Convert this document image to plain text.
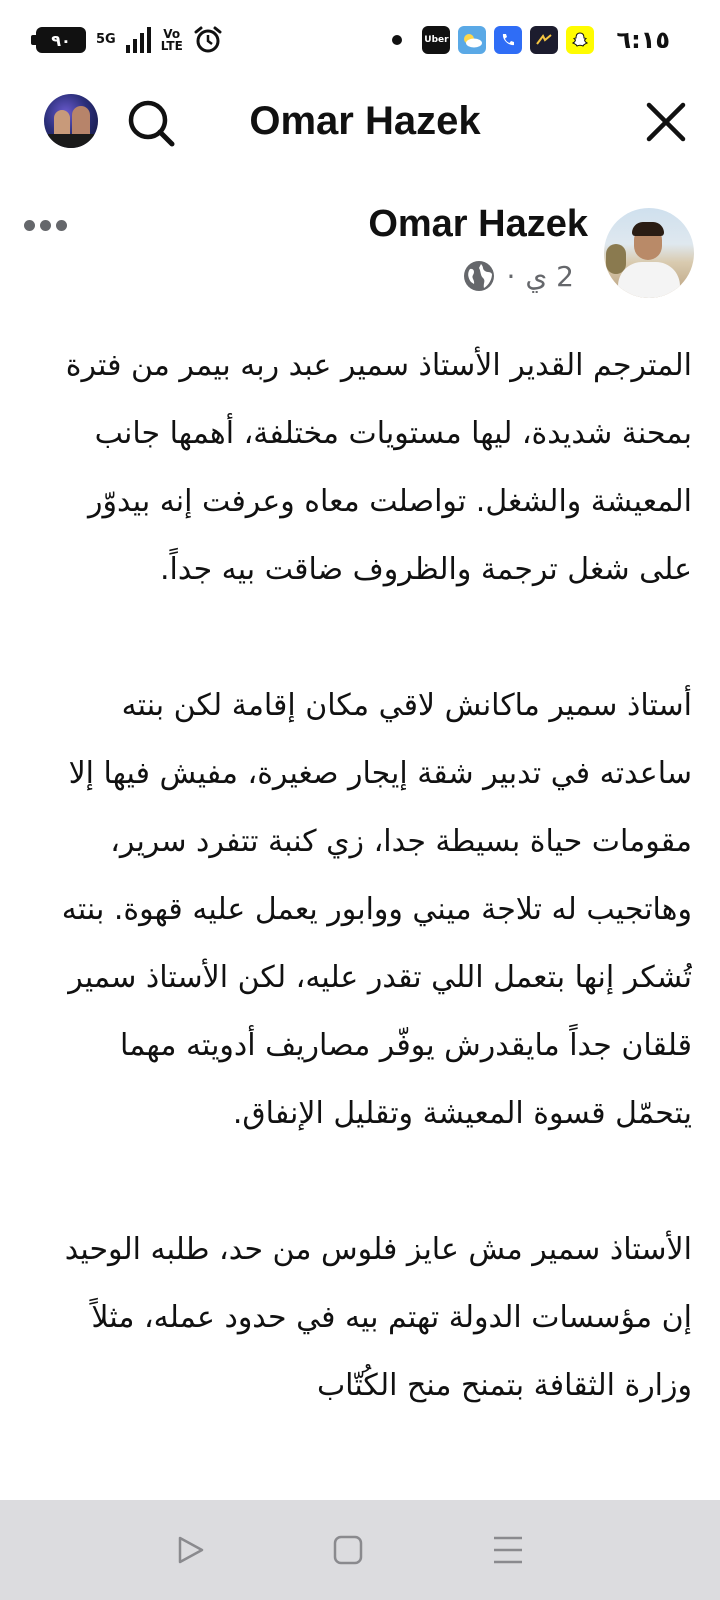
٩٠ 5G	Vo
LTE	Uber	٦:١٥
Omar Hazek
Omar Hazek
· 2 ي

المترجم القدير الأستاذ سمير عبد ربه بيمر من فترة بمحنة شديدة، ليها مستويات مختلفة، أهمها جانب المعيشة والشغل. تواصلت معاه وعرفت إنه بيدوّر على شغل ترجمة والظروف ضاقت بيه جداً.

أستاذ سمير ماكانش لاقي مكان إقامة لكن بنته ساعدته في تدبير شقة إيجار صغيرة، مفيش فيها إلا مقومات حياة بسيطة جدا، زي كنبة تتفرد سرير، وهاتجيب له تلاجة ميني ووابور يعمل عليه قهوة. بنته تُشكر إنها بتعمل اللي تقدر عليه، لكن الأستاذ سمير قلقان جداً مايقدرش يوفّر مصاريف أدويته مهما يتحمّل قسوة المعيشة وتقليل الإنفاق.

الأستاذ سمير مش عايز فلوس من حد، طلبه الوحيد إن مؤسسات الدولة تهتم بيه في حدود عمله، مثلاً وزارة الثقافة بتمنح منح الكُتّاب
